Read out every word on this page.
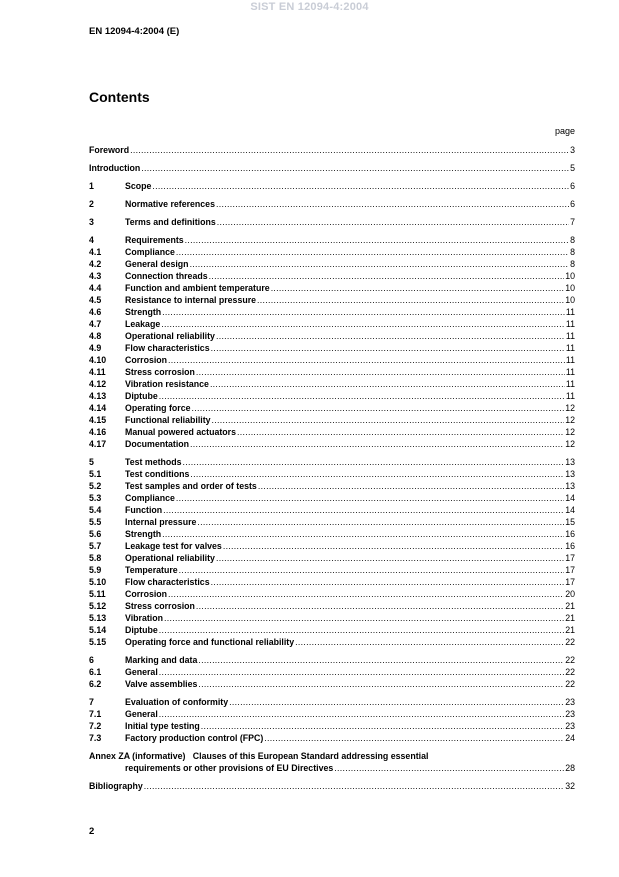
SIST EN 12094-4:2004
EN 12094-4:2004 (E)
Contents
page
Foreword .....	3
Introduction .....	5
1	Scope .....	6
2	Normative references .....	6
3	Terms and definitions .....	7
4	Requirements .....	8
4.1	Compliance .....	8
4.2	General design .....	8
4.3	Connection threads .....	10
4.4	Function and ambient temperature .....	10
4.5	Resistance to internal pressure .....	10
4.6	Strength .....	11
4.7	Leakage .....	11
4.8	Operational reliability .....	11
4.9	Flow characteristics .....	11
4.10	Corrosion .....	11
4.11	Stress corrosion .....	11
4.12	Vibration resistance .....	11
4.13	Diptube .....	11
4.14	Operating force .....	12
4.15	Functional reliability .....	12
4.16	Manual powered actuators .....	12
4.17	Documentation .....	12
5	Test methods .....	13
5.1	Test conditions .....	13
5.2	Test samples and order of tests .....	13
5.3	Compliance .....	14
5.4	Function .....	14
5.5	Internal pressure .....	15
5.6	Strength .....	16
5.7	Leakage test for valves .....	16
5.8	Operational reliability .....	17
5.9	Temperature .....	17
5.10	Flow characteristics .....	17
5.11	Corrosion .....	20
5.12	Stress corrosion .....	21
5.13	Vibration .....	21
5.14	Diptube .....	21
5.15	Operating force and functional reliability .....	22
6	Marking and data .....	22
6.1	General .....	22
6.2	Valve assemblies .....	22
7	Evaluation of conformity .....	23
7.1	General .....	23
7.2	Initial type testing .....	23
7.3	Factory production control (FPC) .....	24
Annex ZA (informative)   Clauses of this European Standard addressing essential
requirements or other provisions of EU Directives .....	28
Bibliography .....	32
2
